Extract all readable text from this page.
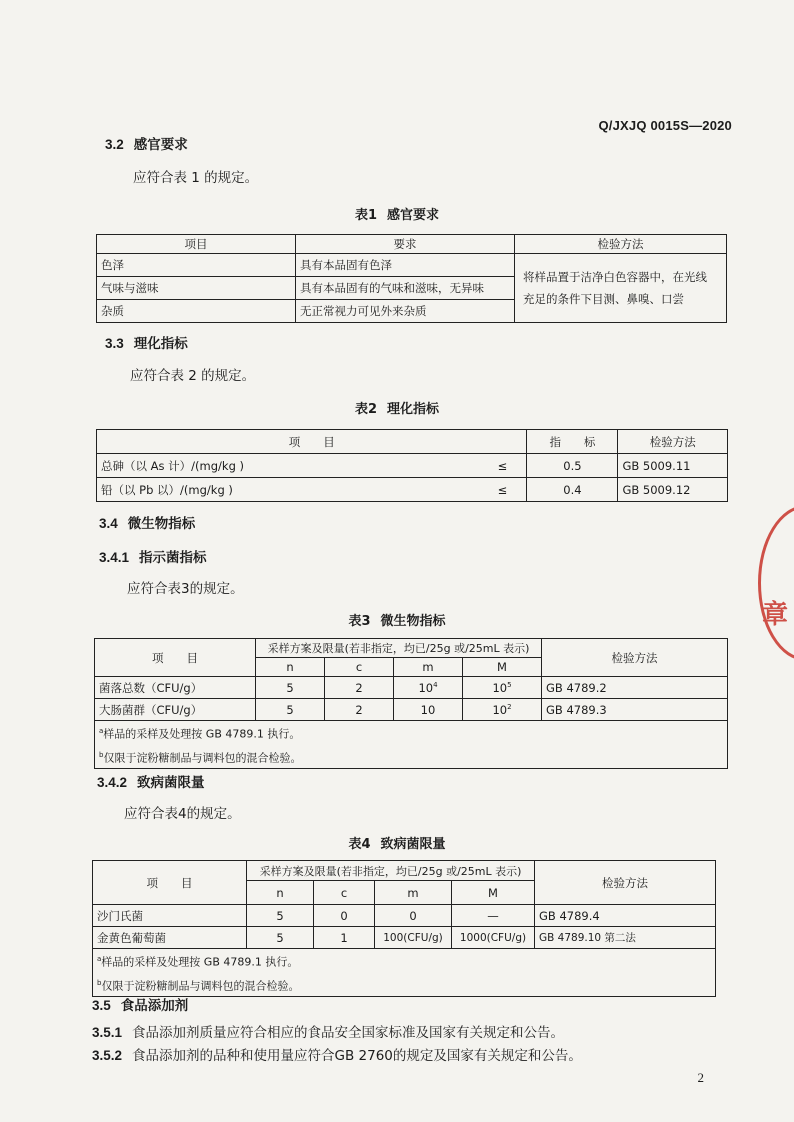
Q/JXJQ 0015S—2020
3.2 感官要求
应符合表 1 的规定。
表1 感官要求
项目	要求	检验方法
色泽	具有本品固有色泽	将样品置于洁净白色容器中，在光线充足的条件下目测、鼻嗅、口尝
气味与滋味	具有本品固有的气味和滋味，无异味	
杂质	无正常视力可见外来杂质	
3.3 理化指标
应符合表 2 的规定。
表2 理化指标
项　　目		指　　标	检验方法
总砷（以 As 计）/(mg/kg )	≤	0.5	GB 5009.11
铅（以 Pb 以）/(mg/kg )	≤	0.4	GB 5009.12
3.4 微生物指标
3.4.1 指示菌指标
应符合表3的规定。
表3 微生物指标
项　　目	采样方案及限量(若非指定，均已/25g 或/25mL 表示)				检验方法
	n	c	m	M	
菌落总数（CFU/g）	5	2	$10^4$	$10^5$	GB 4789.2
大肠菌群（CFU/g）	5	2	10	$10^2$	GB 4789.3

$^a$样品的采样及处理按 GB 4789.1 执行。
$^b$仅限于淀粉糖制品与调料包的混合检验。					
3.4.2 致病菌限量
应符合表4的规定。
表4 致病菌限量
项　　目	采样方案及限量(若非指定，均已/25g 或/25mL 表示)				检验方法
	n	c	m	M	
沙门氏菌	5	0	0	—	GB 4789.4
金黄色葡萄菌	5	1	100(CFU/g)	1000(CFU/g)	GB 4789.10 第二法

$^a$样品的采样及处理按 GB 4789.1 执行。
$^b$仅限于淀粉糖制品与调料包的混合检验。					
3.5 食品添加剂
3.5.1 食品添加剂质量应符合相应的食品安全国家标准及国家有关规定和公告。
3.5.2 食品添加剂的品种和使用量应符合GB 2760的规定及国家有关规定和公告。
2
章
